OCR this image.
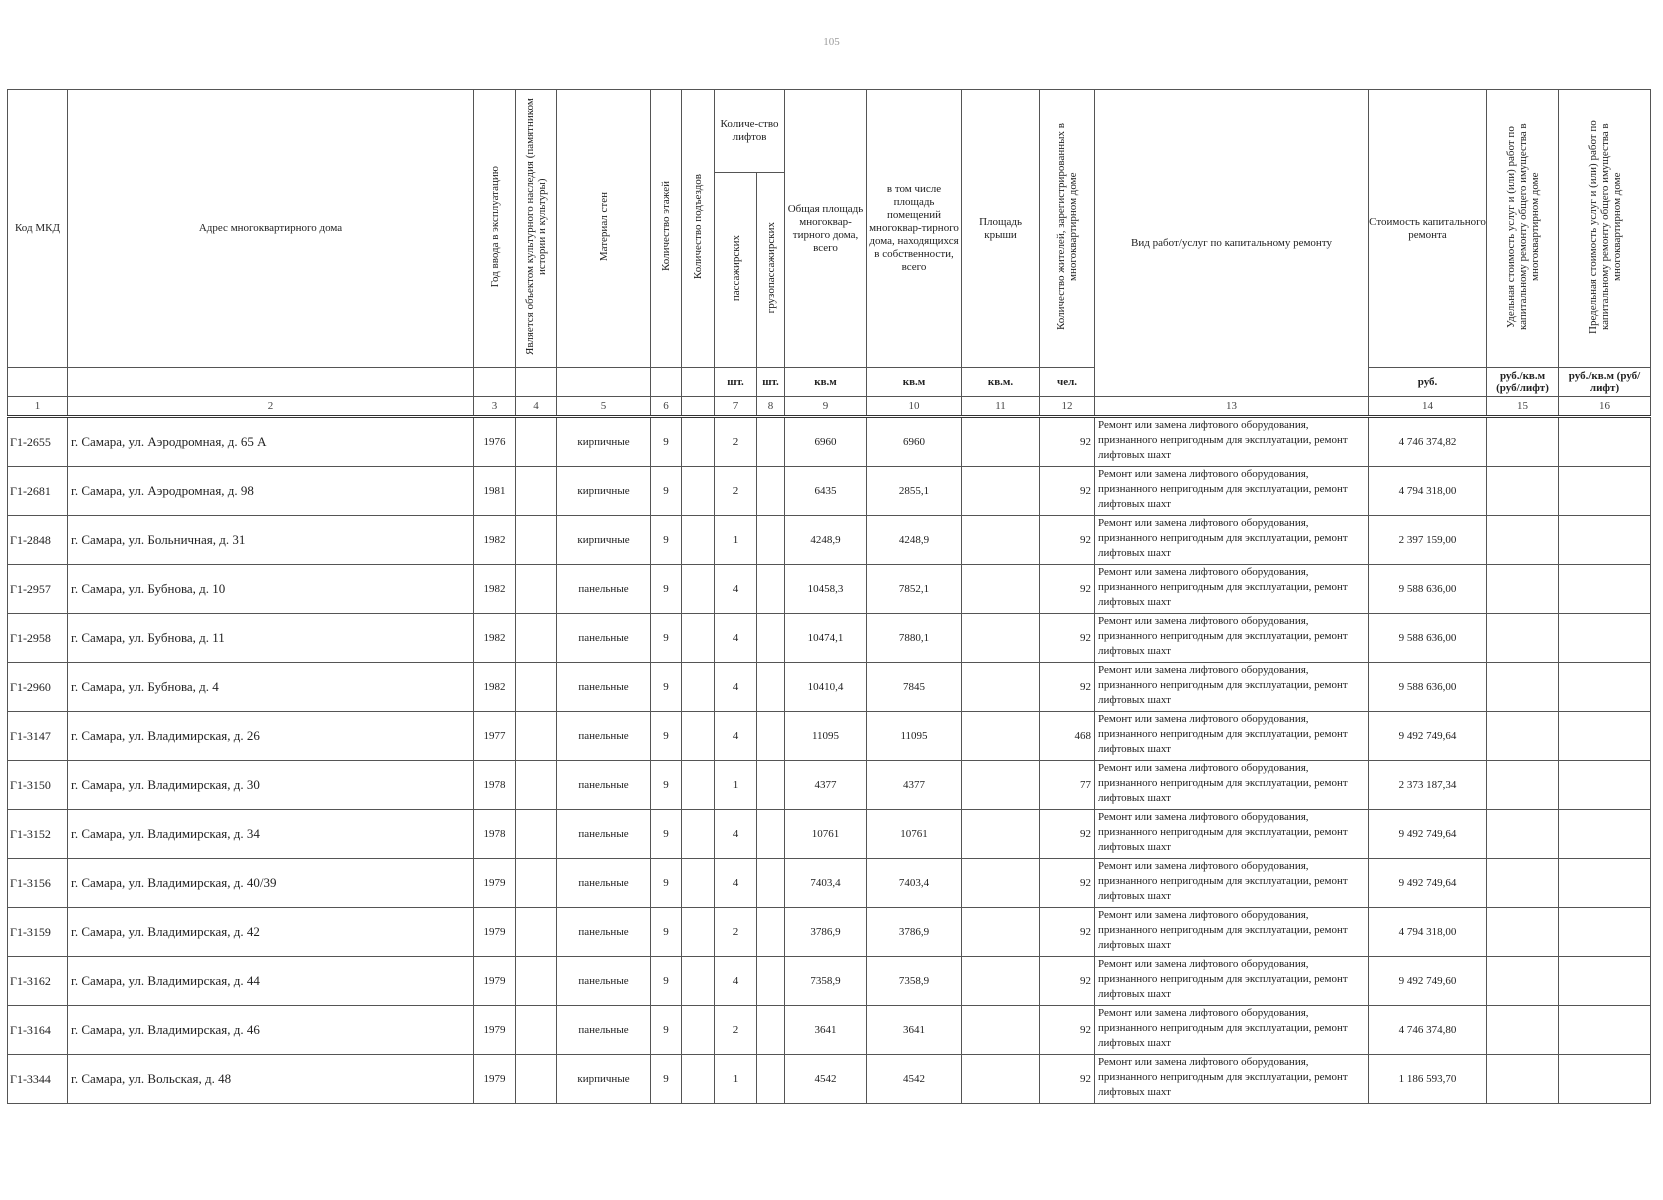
105
Код МКД	Адрес многоквартирного дома	Год ввода в эксплуатацию	Является объектом культурного наследия (памятником истории и культуры)	Материал стен	Количество этажей	Количество подъездов	Количе-ство лифтов		Общая площадь многоквар-тирного дома, всего	в том числе площадь помещений многоквар-тирного дома, находящихся в собственности, всего	Площадь крыши	Количество жителей, зарегистрированных в многоквартирном доме	Вид работ/услуг по капитальному ремонту	Стоимость капитального ремонта	Удельная стоимость услуг и (или) работ по капитальному ремонту общего имущества в многоквартирном доме	Предельная стоимость услуг и (или) работ по капитальному ремонту общего имущества в многоквартирном доме
							пассажирских	грузопассажирских								
							шт.	шт.	кв.м	кв.м	кв.м.	чел.		руб.	руб./кв.м (руб/лифт)	руб./кв.м (руб/лифт)
1	2	3	4	5	6		7	8	9	10	11	12	13	14	15	16
Г1-2655	г. Самара, ул. Аэродромная, д. 65 А	1976		кирпичные	9		2		6960	6960		92	Ремонт или замена лифтового оборудования, признанного непригодным для эксплуатации, ремонт лифтовых шахт	4 746 374,82		
Г1-2681	г. Самара, ул. Аэродромная, д. 98	1981		кирпичные	9		2		6435	2855,1		92	Ремонт или замена лифтового оборудования, признанного непригодным для эксплуатации, ремонт лифтовых шахт	4 794 318,00		
Г1-2848	г. Самара, ул. Больничная, д. 31	1982		кирпичные	9		1		4248,9	4248,9		92	Ремонт или замена лифтового оборудования, признанного непригодным для эксплуатации, ремонт лифтовых шахт	2 397 159,00		
Г1-2957	г. Самара, ул. Бубнова, д. 10	1982		панельные	9		4		10458,3	7852,1		92	Ремонт или замена лифтового оборудования, признанного непригодным для эксплуатации, ремонт лифтовых шахт	9 588 636,00		
Г1-2958	г. Самара, ул. Бубнова, д. 11	1982		панельные	9		4		10474,1	7880,1		92	Ремонт или замена лифтового оборудования, признанного непригодным для эксплуатации, ремонт лифтовых шахт	9 588 636,00		
Г1-2960	г. Самара, ул. Бубнова, д. 4	1982		панельные	9		4		10410,4	7845		92	Ремонт или замена лифтового оборудования, признанного непригодным для эксплуатации, ремонт лифтовых шахт	9 588 636,00		
Г1-3147	г. Самара, ул. Владимирская, д. 26	1977		панельные	9		4		11095	11095		468	Ремонт или замена лифтового оборудования, признанного непригодным для эксплуатации, ремонт лифтовых шахт	9 492 749,64		
Г1-3150	г. Самара, ул. Владимирская, д. 30	1978		панельные	9		1		4377	4377		77	Ремонт или замена лифтового оборудования, признанного непригодным для эксплуатации, ремонт лифтовых шахт	2 373 187,34		
Г1-3152	г. Самара, ул. Владимирская, д. 34	1978		панельные	9		4		10761	10761		92	Ремонт или замена лифтового оборудования, признанного непригодным для эксплуатации, ремонт лифтовых шахт	9 492 749,64		
Г1-3156	г. Самара, ул. Владимирская, д. 40/39	1979		панельные	9		4		7403,4	7403,4		92	Ремонт или замена лифтового оборудования, признанного непригодным для эксплуатации, ремонт лифтовых шахт	9 492 749,64		
Г1-3159	г. Самара, ул. Владимирская, д. 42	1979		панельные	9		2		3786,9	3786,9		92	Ремонт или замена лифтового оборудования, признанного непригодным для эксплуатации, ремонт лифтовых шахт	4 794 318,00		
Г1-3162	г. Самара, ул. Владимирская, д. 44	1979		панельные	9		4		7358,9	7358,9		92	Ремонт или замена лифтового оборудования, признанного непригодным для эксплуатации, ремонт лифтовых шахт	9 492 749,60		
Г1-3164	г. Самара, ул. Владимирская, д. 46	1979		панельные	9		2		3641	3641		92	Ремонт или замена лифтового оборудования, признанного непригодным для эксплуатации, ремонт лифтовых шахт	4 746 374,80		
Г1-3344	г. Самара, ул. Вольская, д. 48	1979		кирпичные	9		1		4542	4542		92	Ремонт или замена лифтового оборудования, признанного непригодным для эксплуатации, ремонт лифтовых шахт	1 186 593,70		
